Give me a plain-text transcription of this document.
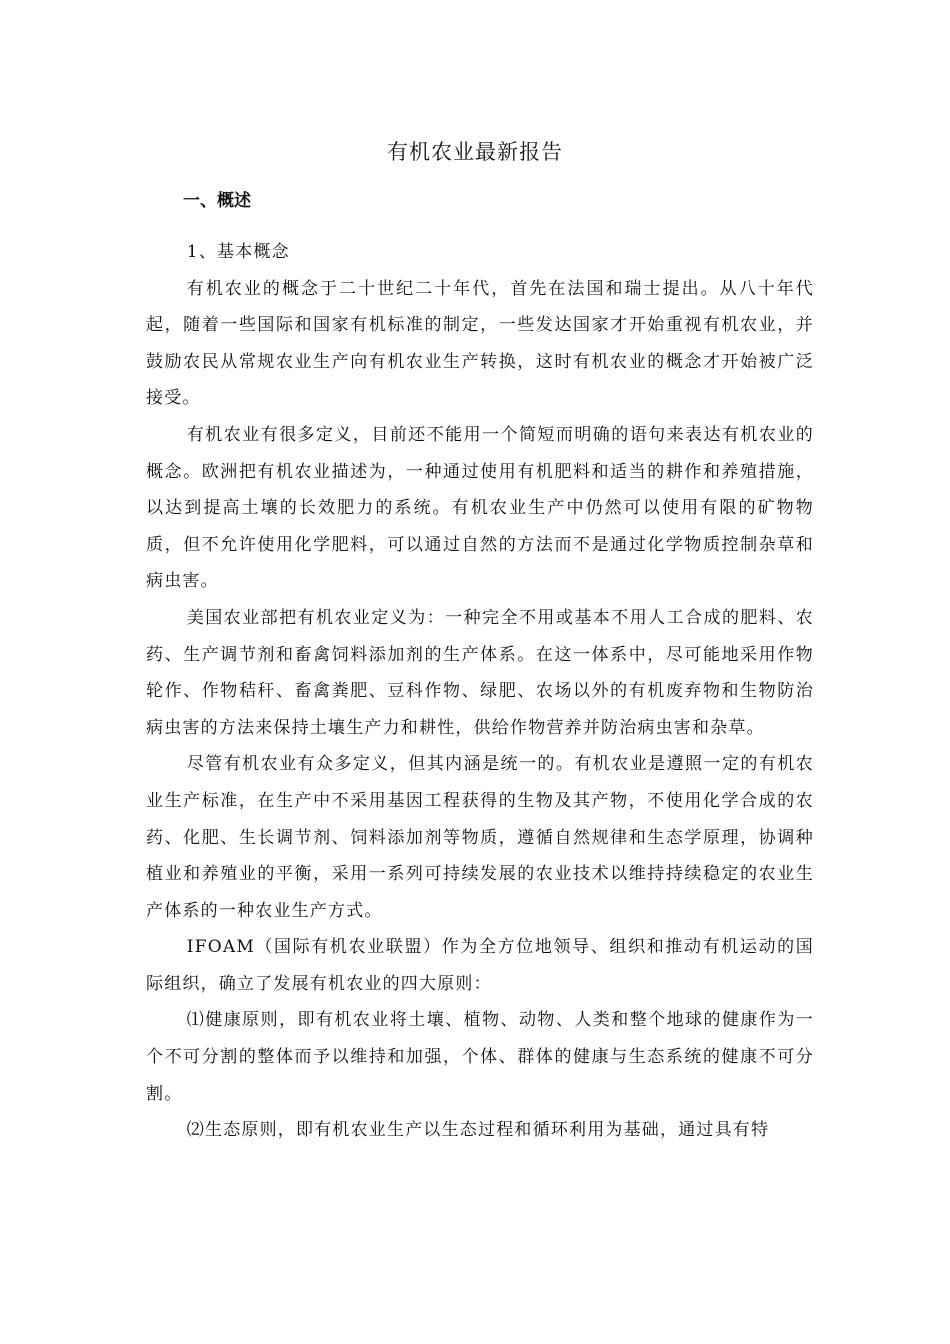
有机农业最新报告
一、概述

1、基本概念

有机农业的概念于二十世纪二十年代，首先在法国和瑞士提出。从八十年代起，随着一些国际和国家有机标准的制定，一些发达国家才开始重视有机农业，并鼓励农民从常规农业生产向有机农业生产转换，这时有机农业的概念才开始被广泛接受。

有机农业有很多定义，目前还不能用一个简短而明确的语句来表达有机农业的概念。欧洲把有机农业描述为，一种通过使用有机肥料和适当的耕作和养殖措施，以达到提高土壤的长效肥力的系统。有机农业生产中仍然可以使用有限的矿物物质，但不允许使用化学肥料，可以通过自然的方法而不是通过化学物质控制杂草和病虫害。

美国农业部把有机农业定义为：一种完全不用或基本不用人工合成的肥料、农药、生产调节剂和畜禽饲料添加剂的生产体系。在这一体系中，尽可能地采用作物轮作、作物秸秆、畜禽粪肥、豆科作物、绿肥、农场以外的有机废弃物和生物防治病虫害的方法来保持土壤生产力和耕性，供给作物营养并防治病虫害和杂草。

尽管有机农业有众多定义，但其内涵是统一的。有机农业是遵照一定的有机农业生产标准，在生产中不采用基因工程获得的生物及其产物，不使用化学合成的农药、化肥、生长调节剂、饲料添加剂等物质，遵循自然规律和生态学原理，协调种植业和养殖业的平衡，采用一系列可持续发展的农业技术以维持持续稳定的农业生产体系的一种农业生产方式。

IFOAM（国际有机农业联盟）作为全方位地领导、组织和推动有机运动的国际组织，确立了发展有机农业的四大原则：

⑴健康原则，即有机农业将土壤、植物、动物、人类和整个地球的健康作为一个不可分割的整体而予以维持和加强，个体、群体的健康与生态系统的健康不可分割。

⑵生态原则，即有机农业生产以生态过程和循环利用为基础，通过具有特
